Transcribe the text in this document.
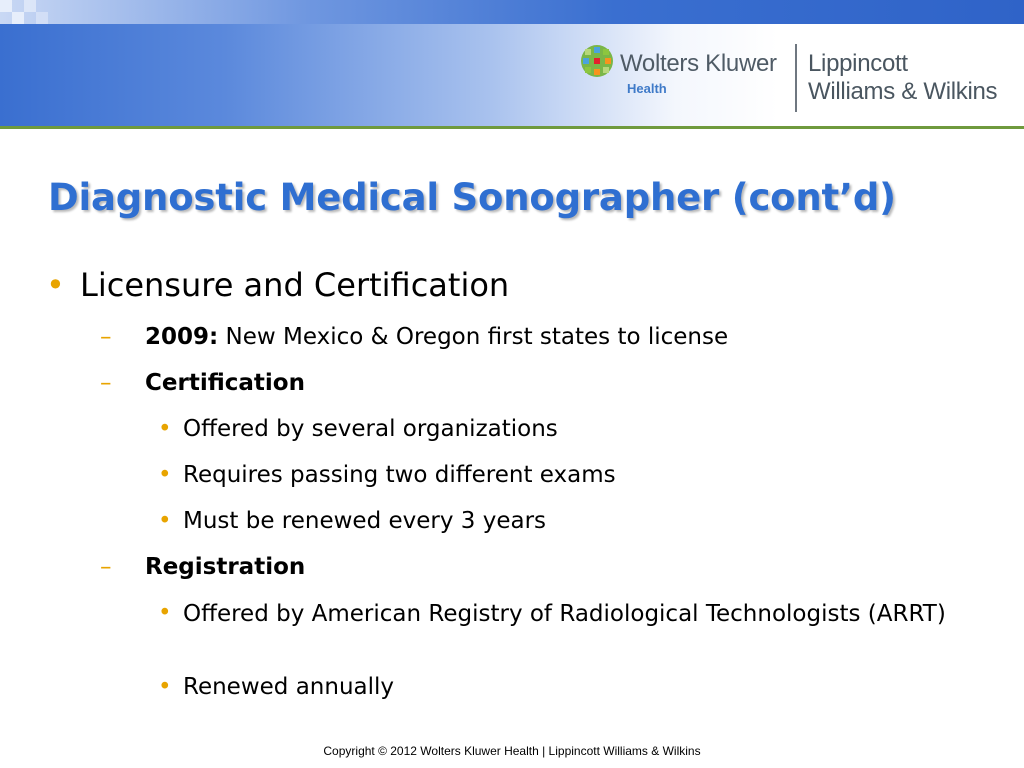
Wolters Kluwer
Health
Lippincott
Williams & Wilkins
Diagnostic Medical Sonographer (cont’d)
• Licensure and Certification
– 2009: New Mexico & Oregon first states to license
– Certification
• Offered by several organizations
• Requires passing two different exams
• Must be renewed every 3 years
– Registration
• Offered by American Registry of Radiological Technologists (ARRT)
• Renewed annually
Copyright © 2012 Wolters Kluwer Health | Lippincott Williams & Wilkins
